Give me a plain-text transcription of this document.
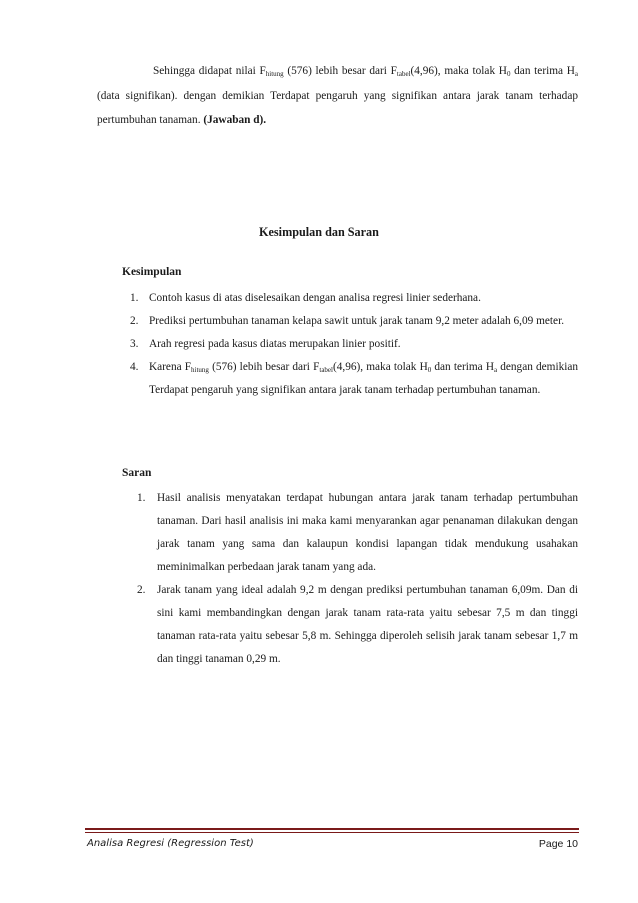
Sehingga didapat nilai $F_{hitung}$ (576) lebih besar dari $F_{tabel}(4,96)$, maka tolak $H_0$ dan terima $H_a$ (data signifikan). dengan demikian Terdapat pengaruh yang signifikan antara jarak tanam terhadap pertumbuhan tanaman. (Jawaban d).

Kesimpulan dan Saran

Kesimpulan

1. Contoh kasus di atas diselesaikan dengan analisa regresi linier sederhana.
2. Prediksi pertumbuhan tanaman kelapa sawit untuk jarak tanam 9,2 meter adalah 6,09 meter.
3. Arah regresi pada kasus diatas merupakan linier positif.
4. Karena $F_{hitung}$ (576) lebih besar dari $F_{tabel}(4,96)$, maka tolak $H_0$ dan terima $H_a$ dengan demikian Terdapat pengaruh yang signifikan antara jarak tanam terhadap pertumbuhan tanaman.

Saran

1. Hasil analisis menyatakan terdapat hubungan antara jarak tanam terhadap pertumbuhan tanaman. Dari hasil analisis ini maka kami menyarankan agar penanaman dilakukan dengan jarak tanam yang sama dan kalaupun kondisi lapangan tidak mendukung usahakan meminimalkan perbedaan jarak tanam yang ada.
2. Jarak tanam yang ideal adalah 9,2 m dengan prediksi pertumbuhan tanaman 6,09m. Dan di sini kami membandingkan dengan jarak tanam rata-rata yaitu sebesar 7,5 m dan tinggi tanaman rata-rata yaitu sebesar 5,8 m. Sehingga diperoleh selisih jarak tanam sebesar 1,7 m dan tinggi tanaman 0,29 m.

Analisa Regresi (Regression Test)	Page 10
